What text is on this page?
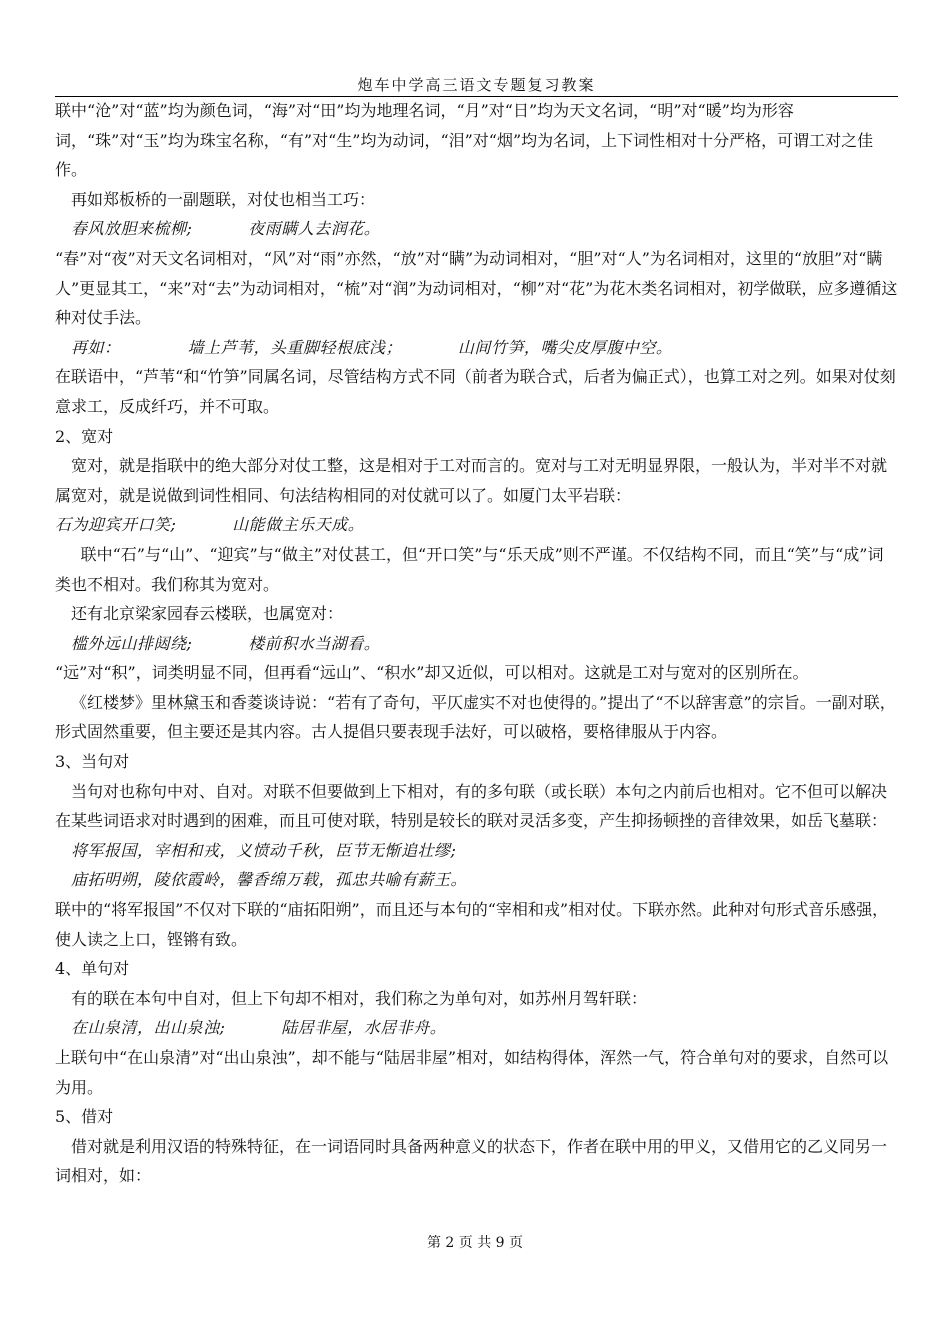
炮车中学高三语文专题复习教案

联中“沧”对“蓝”均为颜色词，“海”对“田”均为地理名词，“月”对“日”均为天文名词，“明”对“暖”均为形容词，“珠”对“玉”均为珠宝名称，“有”对“生”均为动词，“泪”对“烟”均为名词，上下词性相对十分严格，可谓工对之佳作。

再如郑板桥的一副题联，对仗也相当工巧：

春风放胆来梳柳;          夜雨瞒人去润花。

“春”对“夜”对天文名词相对，“风”对“雨”亦然，“放”对“瞒”为动词相对，“胆”对“人”为名词相对，这里的“放胆”对“瞒人”更显其工，“来”对“去”为动词相对，“梳”对“润”为动词相对，“柳”对“花”为花木类名词相对，初学做联，应多遵循这种对仗手法。

再如：            墙上芦苇，头重脚轻根底浅；          山间竹笋，嘴尖皮厚腹中空。

在联语中，“芦苇“和“竹笋”同属名词，尽管结构方式不同（前者为联合式，后者为偏正式），也算工对之列。如果对仗刻意求工，反成纤巧，并不可取。

2、宽对

宽对，就是指联中的绝大部分对仗工整，这是相对于工对而言的。宽对与工对无明显界限，一般认为，半对半不对就属宽对，就是说做到词性相同、句法结构相同的对仗就可以了。如厦门太平岩联：

石为迎宾开口笑;          山能做主乐天成。

联中“石”与“山”、“迎宾”与“做主”对仗甚工，但“开口笑”与“乐天成”则不严谨。不仅结构不同，而且“笑”与“成”词类也不相对。我们称其为宽对。

还有北京梁家园春云楼联，也属宽对：

槛外远山排闼绕;          楼前积水当湖看。

“远”对“积”，词类明显不同，但再看“远山”、“积水”却又近似，可以相对。这就是工对与宽对的区别所在。

《红楼梦》里林黛玉和香菱谈诗说：“若有了奇句，平仄虚实不对也使得的。”提出了“不以辞害意”的宗旨。一副对联，形式固然重要，但主要还是其内容。古人提倡只要表现手法好，可以破格，要格律服从于内容。

3、当句对

当句对也称句中对、自对。对联不但要做到上下相对，有的多句联（或长联）本句之内前后也相对。它不但可以解决在某些词语求对时遇到的困难，而且可使对联，特别是较长的联对灵活多变，产生抑扬顿挫的音律效果，如岳飞墓联：

将军报国，宰相和戎，义愤动千秋，臣节无惭追壮缪;

庙拓明朔，陵依霞岭，馨香绵万载，孤忠共喻有薪王。

联中的“将军报国”不仅对下联的“庙拓阳朔”，而且还与本句的“宰相和戎”相对仗。下联亦然。此种对句形式音乐感强，使人读之上口，铿锵有致。

4、单句对

有的联在本句中自对，但上下句却不相对，我们称之为单句对，如苏州月驾轩联：

在山泉清，出山泉浊;          陆居非屋，水居非舟。

上联句中“在山泉清”对“出山泉浊”，却不能与“陆居非屋”相对，如结构得体，浑然一气，符合单句对的要求，自然可以为用。

5、借对

借对就是利用汉语的特殊特征，在一词语同时具备两种意义的状态下，作者在联中用的甲义，又借用它的乙义同另一词相对，如：

第 2 页 共 9 页
